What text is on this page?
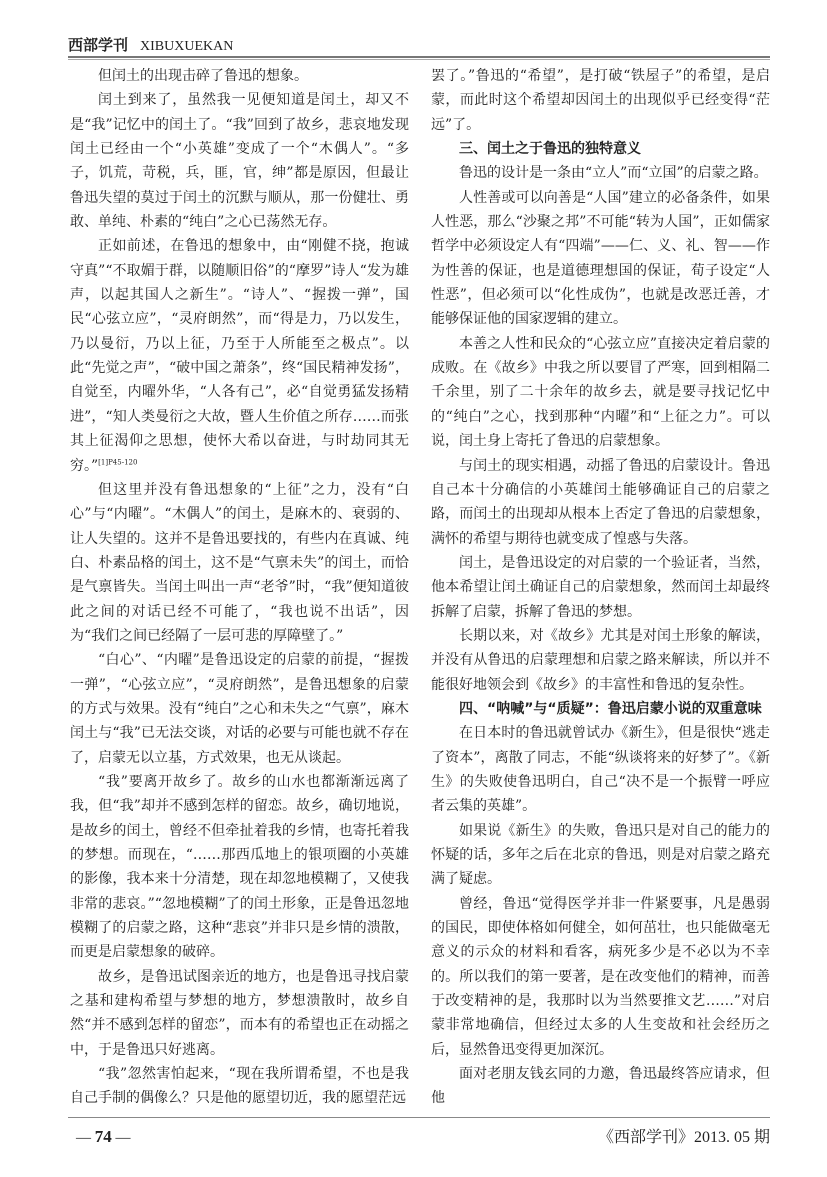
西部学刊 XIBUXUEKAN

但闰土的出现击碎了鲁迅的想象。

闰土到来了，虽然我一见便知道是闰土，却又不是“我”记忆中的闰土了。“我”回到了故乡，悲哀地发现闰土已经由一个“小英雄”变成了一个“木偶人”。“多子，饥荒，苛税，兵，匪，官，绅”都是原因，但最让鲁迅失望的莫过于闰土的沉默与顺从，那一份健壮、勇敢、单纯、朴素的“纯白”之心已荡然无存。

正如前述，在鲁迅的想象中，由“刚健不挠，抱诚守真”“不取媚于群，以随顺旧俗”的“摩罗”诗人“发为雄声，以起其国人之新生”。“诗人”、“握拨一弹”，国民“心弦立应”，“灵府朗然”，而“得是力，乃以发生，乃以曼衍，乃以上征，乃至于人所能至之极点”。以此“先觉之声”，“破中国之萧条”，终“国民精神发扬”，自觉至，内曜外华，“人各有己”，必“自觉勇猛发扬精进”，“知人类曼衍之大故，暨人生价值之所存……而张其上征渴仰之思想，使怀大希以奋进，与时劫同其无穷。”$^{[1]P45-120}$

但这里并没有鲁迅想象的“上征”之力，没有“白心”与“内曜”。“木偶人”的闰土，是麻木的、衰弱的、让人失望的。这并不是鲁迅要找的，有些内在真诚、纯白、朴素品格的闰土，这不是“气禀未失”的闰土，而恰是气禀皆失。当闰土叫出一声“老爷”时，“我”便知道彼此之间的对话已经不可能了，“我也说不出话”，因为“我们之间已经隔了一层可悲的厚障壁了。”

“白心”、“内曜”是鲁迅设定的启蒙的前提，“握拨一弹”，“心弦立应”，“灵府朗然”，是鲁迅想象的启蒙的方式与效果。没有“纯白”之心和未失之“气禀”，麻木闰土与“我”已无法交谈，对话的必要与可能也就不存在了，启蒙无以立基，方式效果，也无从谈起。

“我”要离开故乡了。故乡的山水也都渐渐远离了我，但“我”却并不感到怎样的留恋。故乡，确切地说，是故乡的闰土，曾经不但牵扯着我的乡情，也寄托着我的梦想。而现在，“……那西瓜地上的银项圈的小英雄的影像，我本来十分清楚，现在却忽地模糊了，又使我非常的悲哀。”“忽地模糊”了的闰土形象，正是鲁迅忽地模糊了的启蒙之路，这种“悲哀”并非只是乡情的溃散，而更是启蒙想象的破碎。

故乡，是鲁迅试图亲近的地方，也是鲁迅寻找启蒙之基和建构希望与梦想的地方，梦想溃散时，故乡自然“并不感到怎样的留恋”，而本有的希望也正在动摇之中，于是鲁迅只好逃离。

“我”忽然害怕起来，“现在我所谓希望，不也是我自己手制的偶像么？只是他的愿望切近，我的愿望茫远

罢了。”鲁迅的“希望”，是打破“铁屋子”的希望，是启蒙，而此时这个希望却因闰土的出现似乎已经变得“茫远”了。

三、闰土之于鲁迅的独特意义

鲁迅的设计是一条由“立人”而“立国”的启蒙之路。

人性善或可以向善是“人国”建立的必备条件，如果人性恶，那么“沙聚之邦”不可能“转为人国”，正如儒家哲学中必须设定人有“四端”——仁、义、礼、智——作为性善的保证，也是道德理想国的保证，荀子设定“人性恶”，但必须可以“化性成伪”，也就是改恶迁善，才能够保证他的国家逻辑的建立。

本善之人性和民众的“心弦立应”直接决定着启蒙的成败。在《故乡》中我之所以要冒了严寒，回到相隔二千余里，别了二十余年的故乡去，就是要寻找记忆中的“纯白”之心，找到那种“内曜”和“上征之力”。可以说，闰土身上寄托了鲁迅的启蒙想象。

与闰土的现实相遇，动摇了鲁迅的启蒙设计。鲁迅自己本十分确信的小英雄闰土能够确证自己的启蒙之路，而闰土的出现却从根本上否定了鲁迅的启蒙想象，满怀的希望与期待也就变成了惶惑与失落。

闰土，是鲁迅设定的对启蒙的一个验证者，当然，他本希望让闰土确证自己的启蒙想象，然而闰土却最终拆解了启蒙，拆解了鲁迅的梦想。

长期以来，对《故乡》尤其是对闰土形象的解读，并没有从鲁迅的启蒙理想和启蒙之路来解读，所以并不能很好地领会到《故乡》的丰富性和鲁迅的复杂性。

四、“呐喊”与“质疑”：鲁迅启蒙小说的双重意味

在日本时的鲁迅就曾试办《新生》，但是很快“逃走了资本”，离散了同志，不能“纵谈将来的好梦了”。《新生》的失败使鲁迅明白，自己“决不是一个振臂一呼应者云集的英雄”。

如果说《新生》的失败，鲁迅只是对自己的能力的怀疑的话，多年之后在北京的鲁迅，则是对启蒙之路充满了疑虑。

曾经，鲁迅“觉得医学并非一件紧要事，凡是愚弱的国民，即使体格如何健全，如何茁壮，也只能做毫无意义的示众的材料和看客，病死多少是不必以为不幸的。所以我们的第一要著，是在改变他们的精神，而善于改变精神的是，我那时以为当然要推文艺……”对启蒙非常地确信，但经过太多的人生变故和社会经历之后，显然鲁迅变得更加深沉。

面对老朋友钱玄同的力邀，鲁迅最终答应请求，但他

— 74 —	《西部学刊》2013. 05 期
